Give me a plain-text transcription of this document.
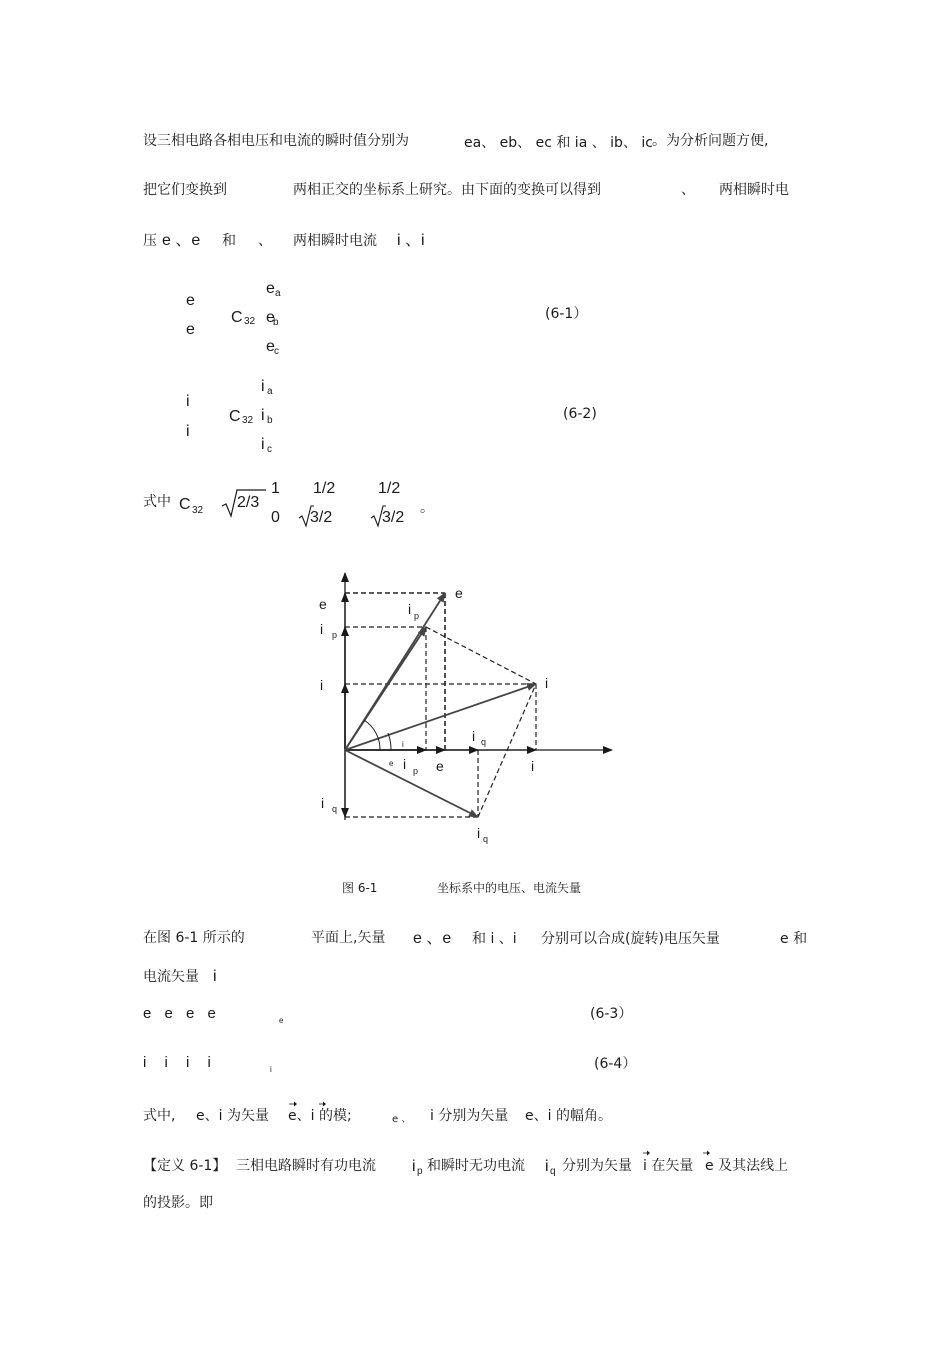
设三相电路各相电压和电流的瞬时值分别为	ea、 eb、 ec 和 ia 、 ib、 ic 。为分析问题方便,
把它们变换到	两相正交的坐标系上研究。由下面的变换可以得到	、 两相瞬时电
压 e 、e 和 、 两相瞬时电流 i 、i
e
e
C 32
e a
e
b
e c
(6-1）
i
i
C 32
i a
i b
i c
(6-2)
式中 C 32 2/3
1 1/2	1/2
0 3/2	3/2
。
e
e	i p
i p
i	i
i q
i
e i p e	i
i q
i q
图 6-1	坐标系中的电压、电流矢量
在图 6-1 所示的	平面上,矢量 e 、e 和 i 、i 分别可以合成(旋转)电压矢量	e 和
电流矢量 i
e e e e	e	(6-3）
i i i i	i	(6-4）
式中, e、i 为矢量 e、i 的模;	e 、 i 分别为矢量 e、i 的幅角。
【定义 6-1】 三相电路瞬时有功电流 i p 和瞬时无功电流 i q 分别为矢量 i 在矢量 e 及其法线上
的投影。即
